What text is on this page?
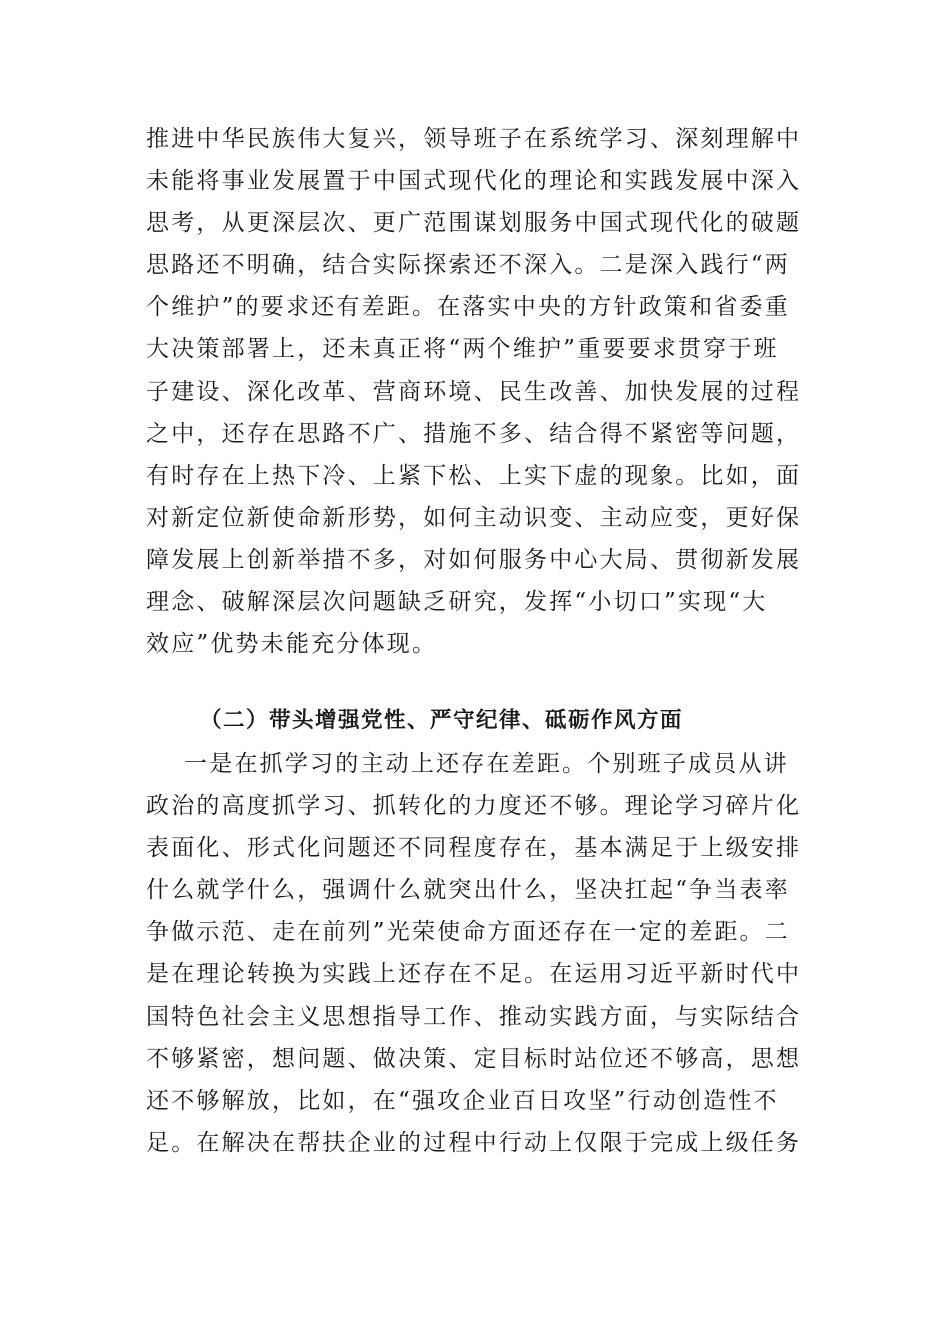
推进中华民族伟大复兴，领导班子在系统学习、深刻理解中
未能将事业发展置于中国式现代化的理论和实践发展中深入
思考，从更深层次、更广范围谋划服务中国式现代化的破题
思路还不明确，结合实际探索还不深入。二是深入践行“两
个维护”的要求还有差距。在落实中央的方针政策和省委重
大决策部署上，还未真正将“两个维护”重要要求贯穿于班
子建设、深化改革、营商环境、民生改善、加快发展的过程
之中，还存在思路不广、措施不多、结合得不紧密等问题，
有时存在上热下冷、上紧下松、上实下虚的现象。比如，面
对新定位新使命新形势，如何主动识变、主动应变，更好保
障发展上创新举措不多，对如何服务中心大局、贯彻新发展
理念、破解深层次问题缺乏研究，发挥“小切口”实现“大
效应”优势未能充分体现。
（二）带头增强党性、严守纪律、砥砺作风方面
一是在抓学习的主动上还存在差距。个别班子成员从讲
政治的高度抓学习、抓转化的力度还不够。理论学习碎片化
表面化、形式化问题还不同程度存在，基本满足于上级安排
什么就学什么，强调什么就突出什么，坚决扛起“争当表率
争做示范、走在前列”光荣使命方面还存在一定的差距。二
是在理论转换为实践上还存在不足。在运用习近平新时代中
国特色社会主义思想指导工作、推动实践方面，与实际结合
不够紧密，想问题、做决策、定目标时站位还不够高，思想
还不够解放，比如，在“强攻企业百日攻坚”行动创造性不
足。在解决在帮扶企业的过程中行动上仅限于完成上级任务
